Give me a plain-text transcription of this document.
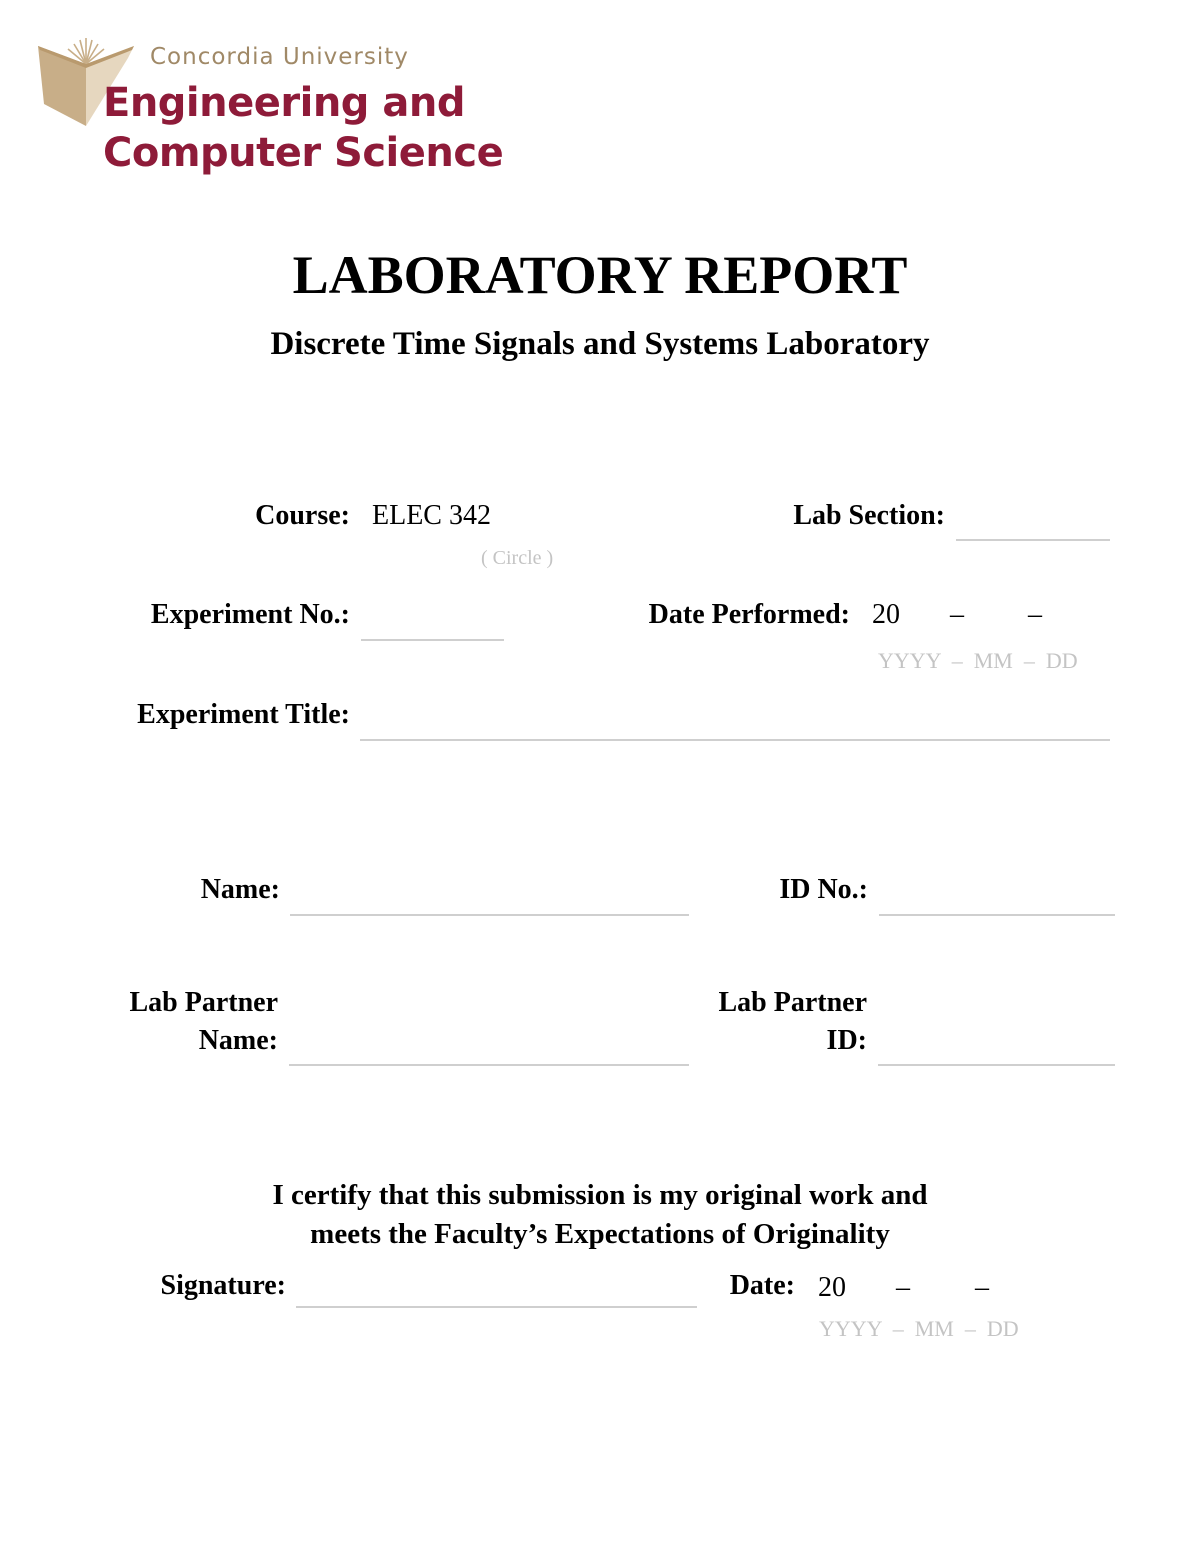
Concordia University
Engineering and
Computer Science
LABORATORY REPORT
Discrete Time Signals and Systems Laboratory
Course: ELEC 342
( Circle )
Lab Section:
Experiment No.:	Date Performed: 20 – –
YYYY  –  MM  –  DD
Experiment Title:
Name:	ID No.:
Lab Partner
Name:
Lab Partner
ID:
I certify that this submission is my original work and
meets the Faculty’s Expectations of Originality
Signature:	Date: 20 – –
YYYY  –  MM  –  DD
